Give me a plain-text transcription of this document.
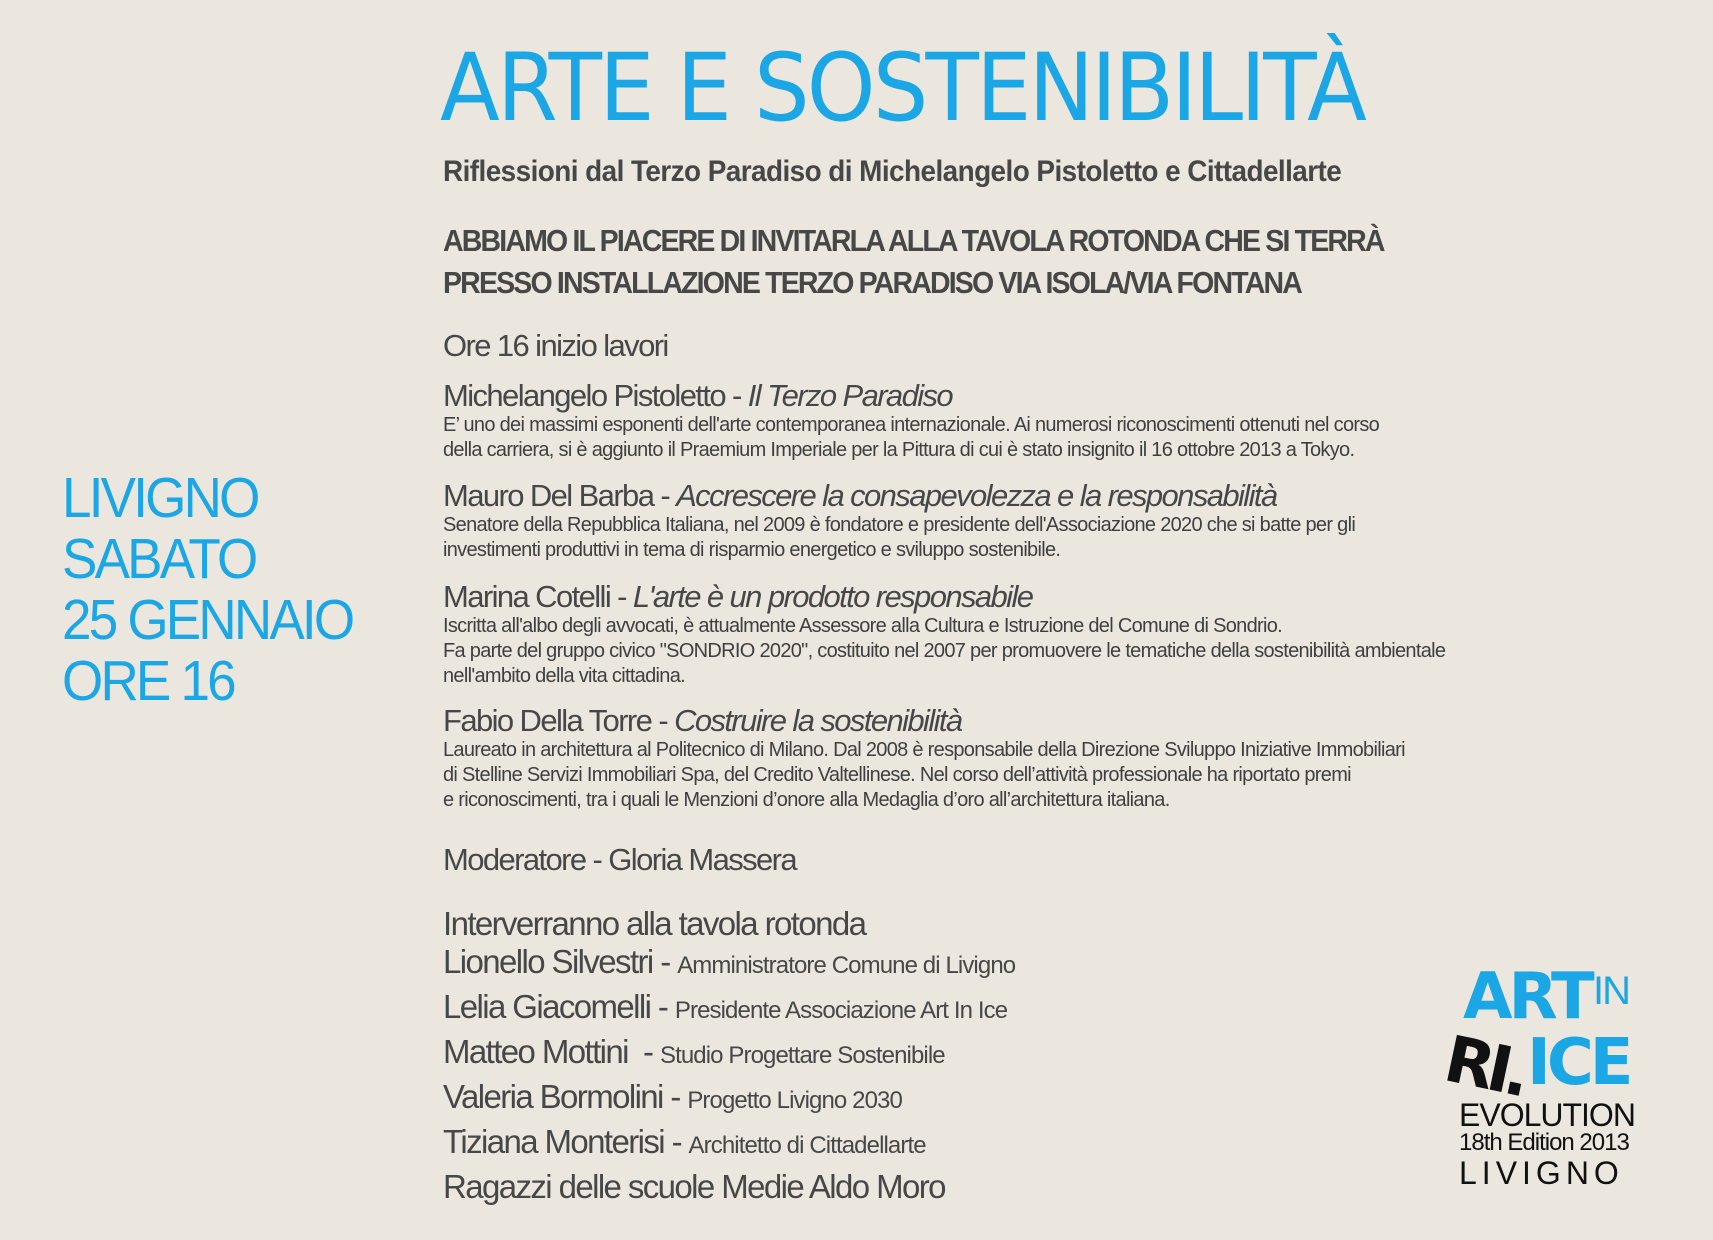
ARTE E SOSTENIBILITÀ
Riflessioni dal Terzo Paradiso di Michelangelo Pistoletto e Cittadellarte
ABBIAMO IL PIACERE DI INVITARLA ALLA TAVOLA ROTONDA CHE SI TERRÀ
PRESSO INSTALLAZIONE TERZO PARADISO VIA ISOLA/VIA FONTANA
LIVIGNO
SABATO
25 GENNAIO
ORE 16
Ore 16 inizio lavori
Michelangelo Pistoletto - Il Terzo Paradiso
E’ uno dei massimi esponenti dell'arte contemporanea internazionale. Ai numerosi riconoscimenti ottenuti nel corso
della carriera, si è aggiunto il Praemium Imperiale per la Pittura di cui è stato insignito il 16 ottobre 2013 a Tokyo.
Mauro Del Barba - Accrescere la consapevolezza e la responsabilità
Senatore della Repubblica Italiana, nel 2009 è fondatore e presidente dell'Associazione 2020 che si batte per gli
investimenti produttivi in tema di risparmio energetico e sviluppo sostenibile.
Marina Cotelli - L'arte è un prodotto responsabile
Iscritta all'albo degli avvocati, è attualmente Assessore alla Cultura e Istruzione del Comune di Sondrio.
Fa parte del gruppo civico "SONDRIO 2020", costituito nel 2007 per promuovere le tematiche della sostenibilità ambientale
nell'ambito della vita cittadina.
Fabio Della Torre - Costruire la sostenibilità
Laureato in architettura al Politecnico di Milano. Dal 2008 è responsabile della Direzione Sviluppo Iniziative Immobiliari
di Stelline Servizi Immobiliari Spa, del Credito Valtellinese. Nel corso dell’attività professionale ha riportato premi
e riconoscimenti, tra i quali le Menzioni d’onore alla Medaglia d’oro all’architettura italiana.
Moderatore - Gloria Massera
Interverranno alla tavola rotonda
Lionello Silvestri - Amministratore Comune di Livigno
Lelia Giacomelli - Presidente Associazione Art In Ice
Matteo Mottini  - Studio Progettare Sostenibile
Valeria Bormolini - Progetto Livigno 2030
Tiziana Monterisi - Architetto di Cittadellarte
Ragazzi delle scuole Medie Aldo Moro
ART IN
RI.
ICE
EVOLUTION
18th Edition 2013
LIVIGNO
